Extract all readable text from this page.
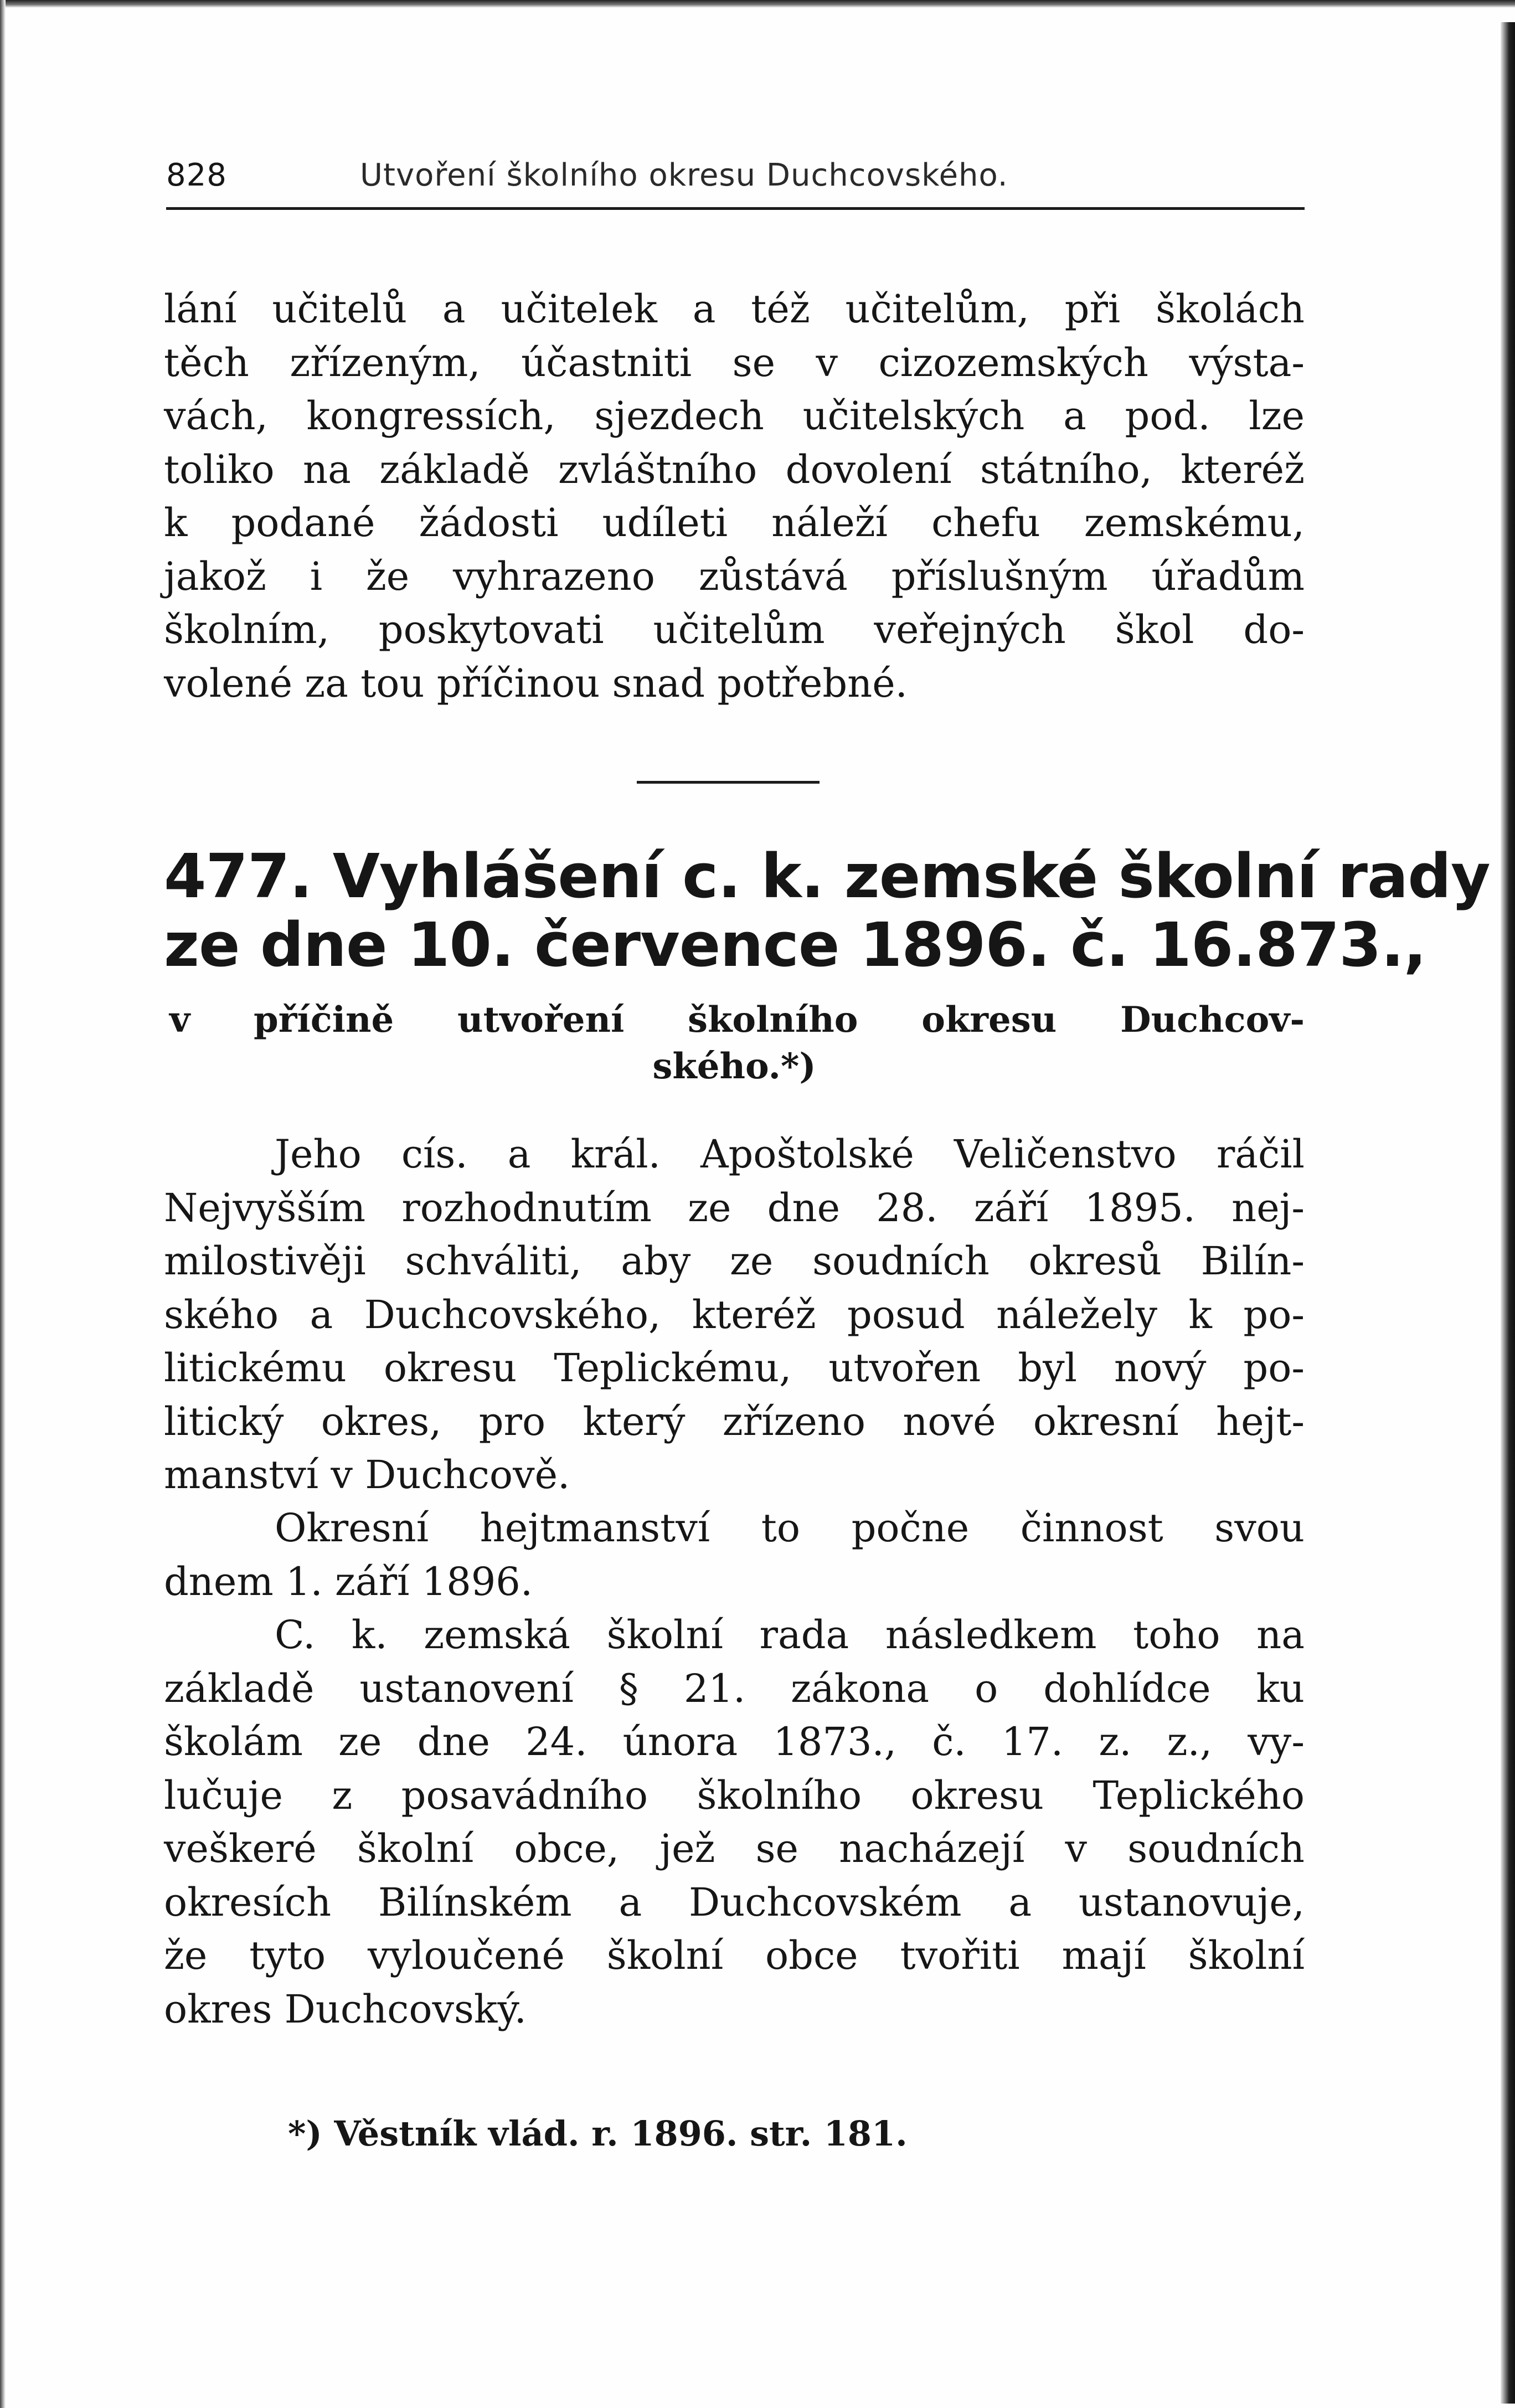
828	Utvoření školního okresu Duchcovského.
lání učitelů a učitelek a též učitelům, při školách
těch zřízeným, účastniti se v cizozemských výsta-
vách, kongressích, sjezdech učitelských a pod. lze
toliko na základě zvláštního dovolení státního, kteréž
k podané žádosti udíleti náleží chefu zemskému,
jakož i že vyhrazeno zůstává příslušným úřadům
školním, poskytovati učitelům veřejných škol do-
volené za tou příčinou snad potřebné.
477. Vyhlášení c. k. zemské školní rady
ze dne 10. července 1896. č. 16.873.,
v příčině utvoření školního okresu Duchcov-
ského.*)
Jeho cís. a král. Apoštolské Veličenstvo ráčil
Nejvyšším rozhodnutím ze dne 28. září 1895. nej-
milostivěji schváliti, aby ze soudních okresů Bilín-
ského a Duchcovského, kteréž posud náležely k po-
litickému okresu Teplickému, utvořen byl nový po-
litický okres, pro který zřízeno nové okresní hejt-
manství v Duchcově.
Okresní hejtmanství to počne činnost svou
dnem 1. září 1896.
C. k. zemská školní rada následkem toho na
základě ustanovení § 21. zákona o dohlídce ku
školám ze dne 24. února 1873., č. 17. z. z., vy-
lučuje z posavádního školního okresu Teplického
veškeré školní obce, jež se nacházejí v soudních
okresích Bilínském a Duchcovském a ustanovuje,
že tyto vyloučené školní obce tvořiti mají školní
okres Duchcovský.
*) Věstník vlád. r. 1896. str. 181.
